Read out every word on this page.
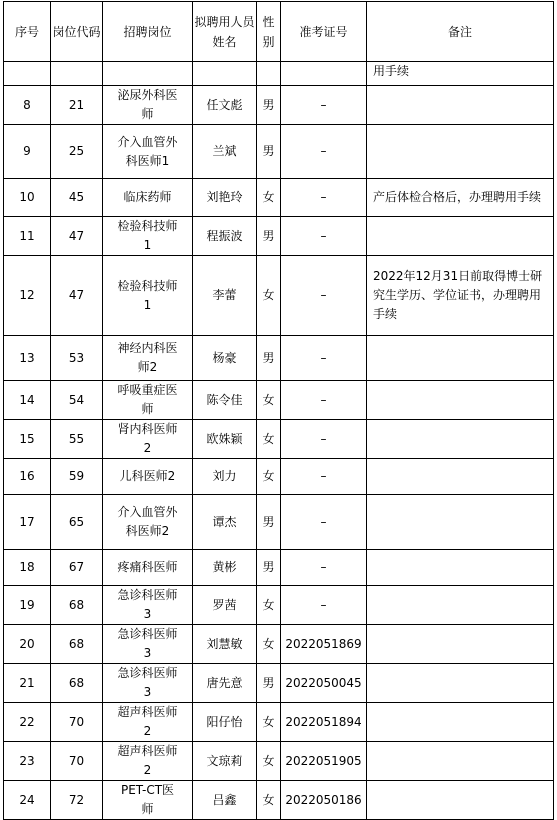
序号	岗位代码	招聘岗位	拟聘用人员姓名	性别	准考证号	备注
						用手续
8	21	泌尿外科医师	任文彪	男	–	
9	25	介入血管外科医师1	兰斌	男	–	
10	45	临床药师	刘艳玲	女	–	产后体检合格后，办理聘用手续
11	47	检验科技师1	程振波	男	–	
12	47	检验科技师1	李蕾	女	–	2022年12月31日前取得博士研究生学历、学位证书，办理聘用手续
13	53	神经内科医师2	杨豪	男	–	
14	54	呼吸重症医师	陈令佳	女	–	
15	55	肾内科医师2	欧姝颖	女	–	
16	59	儿科医师2	刘力	女	–	
17	65	介入血管外科医师2	谭杰	男	–	
18	67	疼痛科医师	黄彬	男	–	
19	68	急诊科医师3	罗茜	女	–	
20	68	急诊科医师3	刘慧敏	女	2022051869	
21	68	急诊科医师3	唐先意	男	2022050045	
22	70	超声科医师2	阳仔怡	女	2022051894	
23	70	超声科医师2	文琼莉	女	2022051905	
24	72	PET-CT医师	吕鑫	女	2022050186	
